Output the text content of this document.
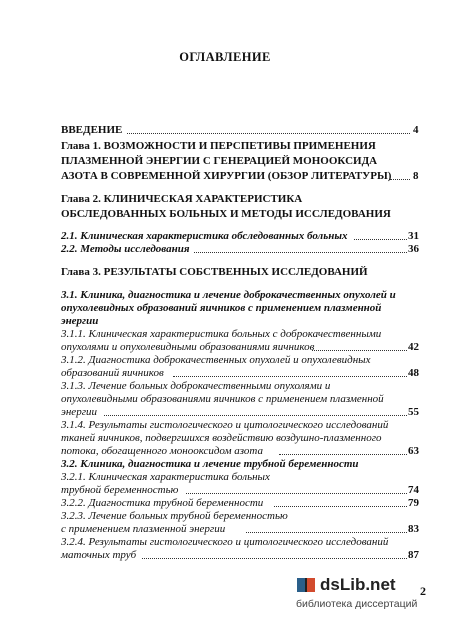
ОГЛАВЛЕНИЕ
ВВЕДЕНИЕ	4
Глава 1. ВОЗМОЖНОСТИ И ПЕРСПЕТИВЫ ПРИМЕНЕНИЯ
ПЛАЗМЕННОЙ ЭНЕРГИИ С ГЕНЕРАЦИЕЙ МОНООКСИДА
АЗОТА В СОВРЕМЕННОЙ ХИРУРГИИ (ОБЗОР ЛИТЕРАТУРЫ) 8
Глава 2. КЛИНИЧЕСКАЯ ХАРАКТЕРИСТИКА
ОБСЛЕДОВАННЫХ БОЛЬНЫХ И МЕТОДЫ ИССЛЕДОВАНИЯ
2.1. Клиническая характеристика обследованных больных	31
2.2. Методы исследования	36
Глава 3. РЕЗУЛЬТАТЫ СОБСТВЕННЫХ ИССЛЕДОВАНИЙ
3.1. Клиника, диагностика и лечение доброкачественных опухолей и
опухолевидных образований яичников с применением плазменной
энергии
3.1.1. Клиническая характеристика больных с доброкачественными
опухолями и опухолевидными образованиями яичников	42
3.1.2. Диагностика доброкачественных опухолей и опухолевидных
образований яичников	48
3.1.3. Лечение больных доброкачественными опухолями и
опухолевидными образованиями яичников с применением плазменной
энергии	55
3.1.4. Результаты гистологического и цитологического исследований
тканей яичников, подвергшихся воздействию воздушно-плазменного
потока, обогащенного монооксидом азота	63
3.2. Клиника, диагностика и лечение трубной беременности
3.2.1. Клиническая характеристика больных
трубной беременностью	74
3.2.2. Диагностика трубной беременности	79
3.2.3. Лечение больных трубной беременностью
с применением плазменной энергии	83
3.2.4. Результаты гистологического и цитологического исследований
маточных труб	87
2
dsLib.net
библиотека диссертаций
